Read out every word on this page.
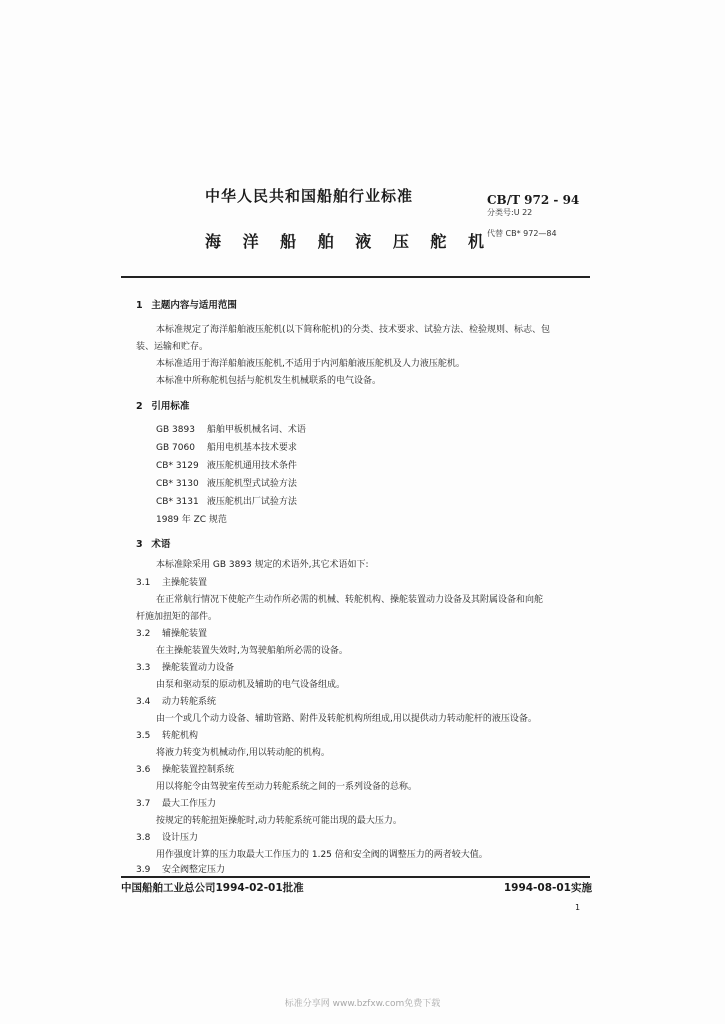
中华人民共和国船舶行业标准	CB/T 972 - 94
分类号:U 22
海 洋 船 舶 液 压 舵 机
代替 CB* 972—84
1 主题内容与适用范围
本标准规定了海洋船舶液压舵机(以下简称舵机)的分类、技术要求、试验方法、检验规则、标志、包
装、运输和贮存。
本标准适用于海洋船舶液压舵机,不适用于内河船舶液压舵机及人力液压舵机。
本标准中所称舵机包括与舵机发生机械联系的电气设备。
2 引用标准
GB 3893 船舶甲板机械名词、术语
GB 7060 船用电机基本技术要求
CB* 3129 液压舵机通用技术条件
CB* 3130 液压舵机型式试验方法
CB* 3131 液压舵机出厂试验方法
1989 年 ZC 规范
3 术语
本标准除采用 GB 3893 规定的术语外,其它术语如下:
3.1 主操舵装置
在正常航行情况下使舵产生动作所必需的机械、转舵机构、操舵装置动力设备及其附属设备和向舵
杆施加扭矩的部件。
3.2 辅操舵装置
在主操舵装置失效时,为驾驶船舶所必需的设备。
3.3 操舵装置动力设备
由泵和驱动泵的原动机及辅助的电气设备组成。
3.4 动力转舵系统
由一个或几个动力设备、辅助管路、附件及转舵机构所组成,用以提供动力转动舵杆的液压设备。
3.5 转舵机构
将液力转变为机械动作,用以转动舵的机构。
3.6 操舵装置控制系统
用以将舵令由驾驶室传至动力转舵系统之间的一系列设备的总称。
3.7 最大工作压力
按规定的转舵扭矩操舵时,动力转舵系统可能出现的最大压力。
3.8 设计压力
用作强度计算的压力取最大工作压力的 1.25 倍和安全阀的调整压力的两者较大值。
3.9 安全阀整定压力
中国船舶工业总公司1994-02-01批准	1994-08-01实施
1
标准分享网 www.bzfxw.com免费下载
